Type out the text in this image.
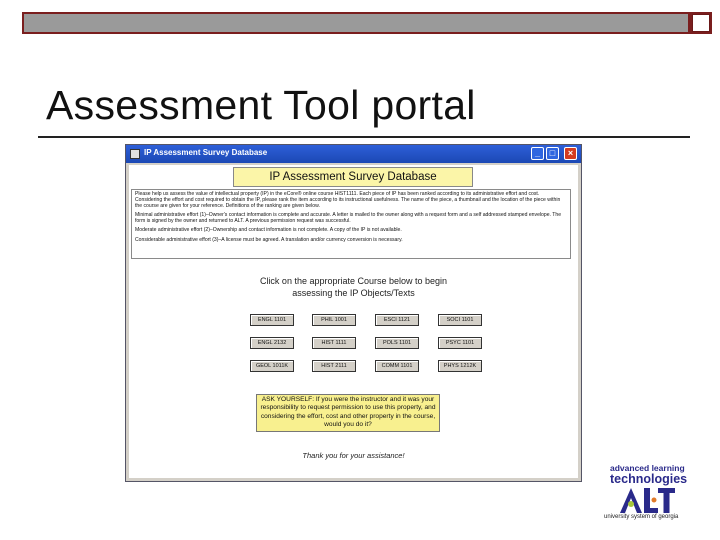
Assessment Tool portal
IP Assessment Survey Database	_	□	×
IP Assessment Survey Database

Please help us assess the value of intellectual property (IP) in the eCore® online course HIST1111. Each piece of IP has been ranked according to its administrative effort and cost. Considering the effort and cost required to obtain the IP, please rank the item according to its instructional usefulness. The name of the piece, a thumbnail and the location of the piece within the course are given for your reference. Definitions of the ranking are given below.

Minimal administrative effort (1)–Owner's contact information is complete and accurate. A letter is mailed to the owner along with a request form and a self addressed stamped envelope. The form is signed by the owner and returned to ALT. A previous permission request was successful.

Moderate administrative effort (2)–Ownership and contact information is not complete. A copy of the IP is not available.

Considerable administrative effort (3)–A license must be agreed. A translation and/or currency conversion is necessary.

Click on the appropriate Course below to begin
assessing the IP Objects/Texts
ENGL 1101	PHIL 1001	ESCI 1121	SOCI 1101
ENGL 2132	HIST 1111	POLS 1101	PSYC 1101
GEOL 1011K	HIST 2111	COMM 1101	PHYS 1212K
ASK YOURSELF: If you were the instructor and it was your responsibility to request permission to use this property, and considering the effort, cost and other property in the course, would you do it?
Thank you for your assistance!
advanced learning
technologies
university system of georgia
